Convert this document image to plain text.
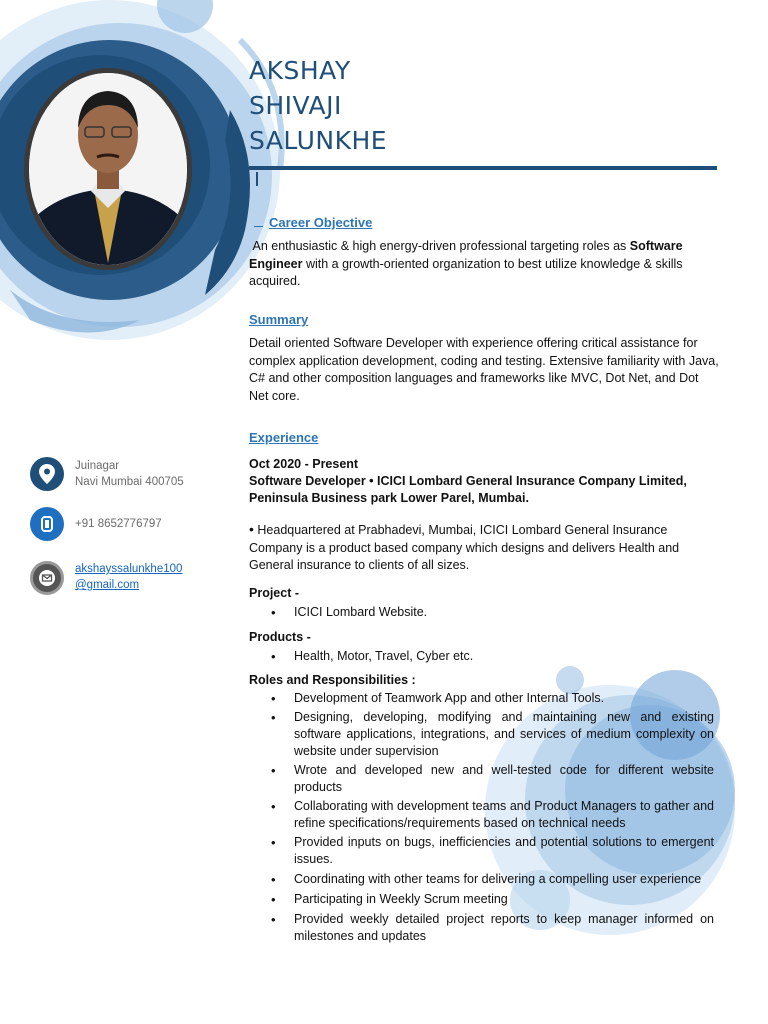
AKSHAY
SHIVAJI
SALUNKHE
Career Objective
An enthusiastic & high energy-driven professional targeting roles as Software Engineer with a growth-oriented organization to best utilize knowledge & skills acquired.
Summary
Detail oriented Software Developer with experience offering critical assistance for complex application development, coding and testing. Extensive familiarity with Java, C# and other composition languages and frameworks like MVC, Dot Net, and Dot Net core.
Experience
Oct 2020 - Present
Software Developer • ICICI Lombard General Insurance Company Limited,
Peninsula Business park Lower Parel, Mumbai.
• Headquartered at Prabhadevi, Mumbai, ICICI Lombard General Insurance Company is a product based company which designs and delivers Health and General insurance to clients of all sizes.
Project -
• ICICI Lombard Website.
Products -
• Health, Motor, Travel, Cyber etc.
Roles and Responsibilities :
• Development of Teamwork App and other Internal Tools.
• Designing, developing, modifying and maintaining new and existing software applications, integrations, and services of medium complexity on website under supervision
• Wrote and developed new and well-tested code for different website products
• Collaborating with development teams and Product Managers to gather and refine specifications/requirements based on technical needs
• Provided inputs on bugs, inefficiencies and potential solutions to emergent issues.
• Coordinating with other teams for delivering a compelling user experience
• Participating in Weekly Scrum meeting
• Provided weekly detailed project reports to keep manager informed on milestones and updates
Juinagar
Navi Mumbai 400705
+91 8652776797
akshayssalunkhe100
@gmail.com
